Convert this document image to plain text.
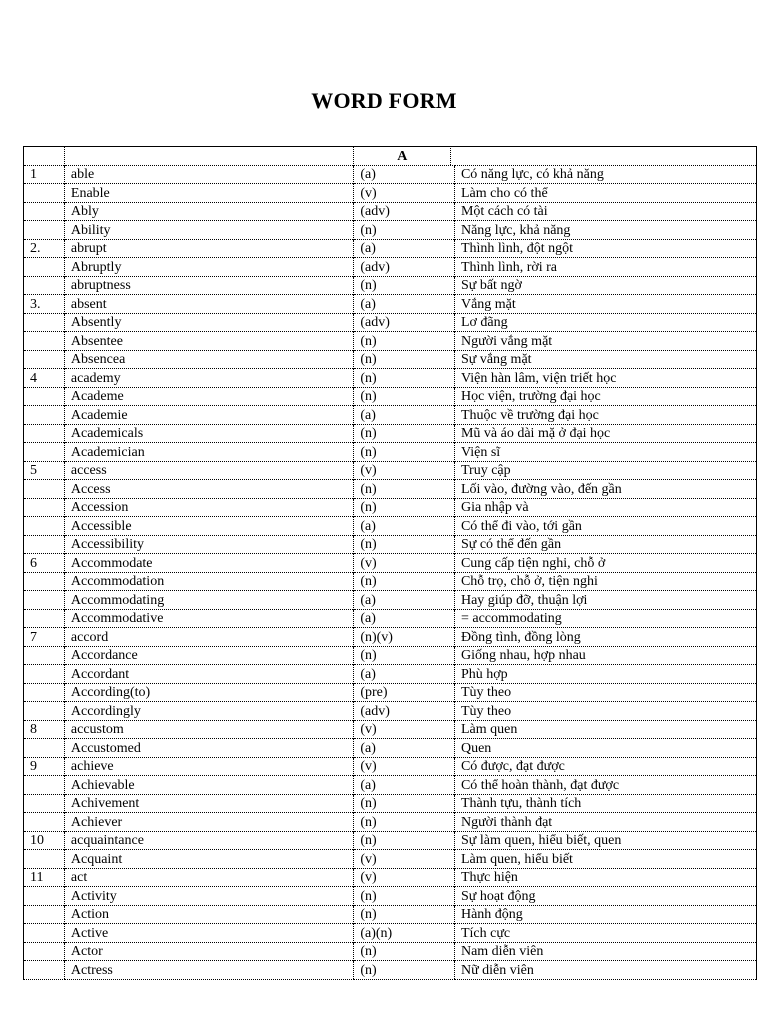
WORD FORM

		A	

1	able	(a)	Có năng lực, có khả năng
	Enable	(v)	Làm cho có thể
	Ably	(adv)	Một cách có tài
	Ability	(n)	Năng lực, khả năng
2.	abrupt	(a)	Thình lình, đột ngột
	Abruptly	(adv)	Thình lình, rời ra
	abruptness	(n)	Sự bất ngờ
3.	absent	(a)	Vắng mặt
	Absently	(adv)	Lơ đãng
	Absentee	(n)	Người vắng mặt
	Absencea	(n)	Sự vắng mặt
4	academy	(n)	Viện hàn lâm, viện triết học
	Academe	(n)	Học viện, trường đại học
	Academie	(a)	Thuộc về trường đại học
	Academicals	(n)	Mũ và áo dài mặ ở đại học
	Academician	(n)	Viện sĩ
5	access	(v)	Truy cập
	Access	(n)	Lối vào, đường vào, đến gần
	Accession	(n)	Gia nhập và
	Accessible	(a)	Có thể đi vào, tới gần
	Accessibility	(n)	Sự có thể đến gần
6	Accommodate	(v)	Cung cấp tiện nghi, chỗ ở
	Accommodation	(n)	Chỗ trọ, chỗ ở, tiện nghi
	Accommodating	(a)	Hay giúp đỡ, thuận lợi
	Accommodative	(a)	= accommodating
7	accord	(n)(v)	Đồng tình, đồng lòng
	Accordance	(n)	Giống nhau, hợp nhau
	Accordant	(a)	Phù hợp
	According(to)	(pre)	Tùy theo
	Accordingly	(adv)	Tùy theo
8	accustom	(v)	Làm quen
	Accustomed	(a)	Quen
9	achieve	(v)	Có được, đạt được
	Achievable	(a)	Có thể hoàn thành, đạt được
	Achivement	(n)	Thành tựu, thành tích
	Achiever	(n)	Người thành đạt
10	acquaintance	(n)	Sự làm quen, hiểu biết, quen
	Acquaint	(v)	Làm quen, hiểu biết
11	act	(v)	Thực hiện
	Activity	(n)	Sự hoạt động
	Action	(n)	Hành động
	Active	(a)(n)	Tích cực
	Actor	(n)	Nam diễn viên
	Actress	(n)	Nữ diễn viên
